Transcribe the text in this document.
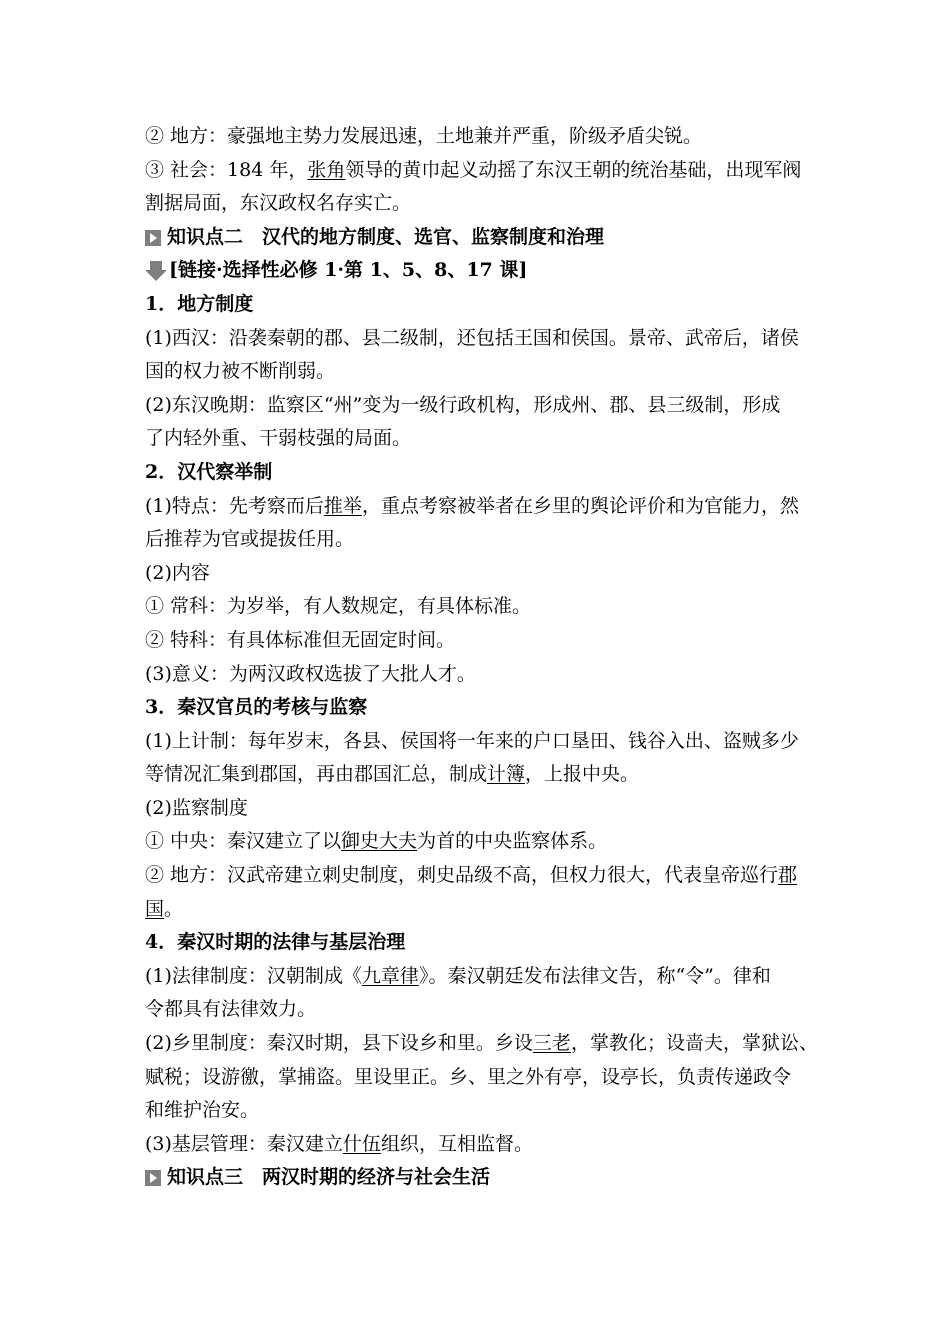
② 地方：豪强地主势力发展迅速，土地兼并严重，阶级矛盾尖锐。
③ 社会：184 年，张角领导的黄巾起义动摇了东汉王朝的统治基础，出现军阀
割据局面，东汉政权名存实亡。
知识点二　汉代的地方制度、选官、监察制度和治理
[链接·选择性必修 1·第 1、5、8、17 课]
1．地方制度
(1)西汉：沿袭秦朝的郡、县二级制，还包括王国和侯国。景帝、武帝后，诸侯
国的权力被不断削弱。
(2)东汉晚期：监察区“州”变为一级行政机构，形成州、郡、县三级制，形成
了内轻外重、干弱枝强的局面。
2．汉代察举制
(1)特点：先考察而后推举，重点考察被举者在乡里的舆论评价和为官能力，然
后推荐为官或提拔任用。
(2)内容
① 常科：为岁举，有人数规定，有具体标准。
② 特科：有具体标准但无固定时间。
(3)意义：为两汉政权选拔了大批人才。
3．秦汉官员的考核与监察
(1)上计制：每年岁末，各县、侯国将一年来的户口垦田、钱谷入出、盗贼多少
等情况汇集到郡国，再由郡国汇总，制成计簿，上报中央。
(2)监察制度
① 中央：秦汉建立了以御史大夫为首的中央监察体系。
② 地方：汉武帝建立刺史制度，刺史品级不高，但权力很大，代表皇帝巡行郡
国。
4．秦汉时期的法律与基层治理
(1)法律制度：汉朝制成《九章律》。秦汉朝廷发布法律文告，称“令”。律和
令都具有法律效力。
(2)乡里制度：秦汉时期，县下设乡和里。乡设三老，掌教化；设啬夫，掌狱讼、
赋税；设游徼，掌捕盗。里设里正。乡、里之外有亭，设亭长，负责传递政令
和维护治安。
(3)基层管理：秦汉建立什伍组织，互相监督。
知识点三　两汉时期的经济与社会生活
